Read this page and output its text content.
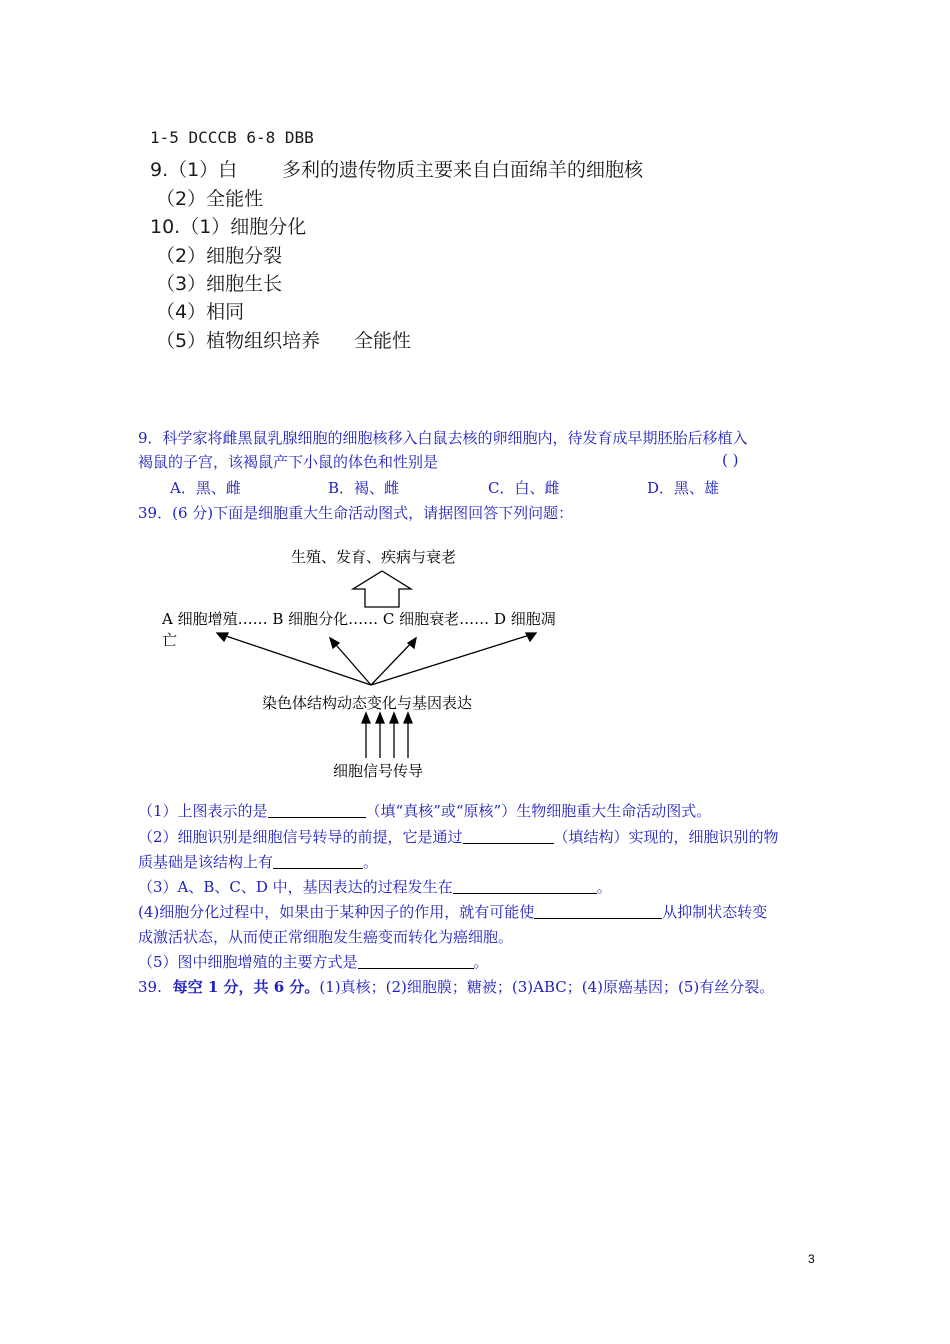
1-5 DCCCB 6-8 DBB
9.（1）白 多利的遗传物质主要来自白面绵羊的细胞核
（2）全能性
10.（1）细胞分化
（2）细胞分裂
（3）细胞生长
（4）相同
（5）植物组织培养 全能性
9．科学家将雌黑鼠乳腺细胞的细胞核移入白鼠去核的卵细胞内，待发育成早期胚胎后移植入
褐鼠的子宫，该褐鼠产下小鼠的体色和性别是	( )
A．黑、雌	B．褐、雌	C．白、雌	D．黑、雄
39．(6 分)下面是细胞重大生命活动图式，请据图回答下列问题：
生殖、发育、疾病与衰老
A 细胞增殖…… B 细胞分化…… C 细胞衰老…… D 细胞凋
亡
染色体结构动态变化与基因表达
细胞信号传导
（1）上图表示的是	（填“真核”或“原核”）生物细胞重大生命活动图式。
（2）细胞识别是细胞信号转导的前提，它是通过	（填结构）实现的，细胞识别的物
质基础是该结构上有	。
（3）A、B、C、D 中，基因表达的过程发生在	。
(4)细胞分化过程中，如果由于某种因子的作用，就有可能使	从抑制状态转变
成激活状态，从而使正常细胞发生癌变而转化为癌细胞。
（5）图中细胞增殖的主要方式是	。
39. 每空 1 分，共 6 分。(1)真核；(2)细胞膜；糖被；(3)ABC；(4)原癌基因；(5)有丝分裂。
3
